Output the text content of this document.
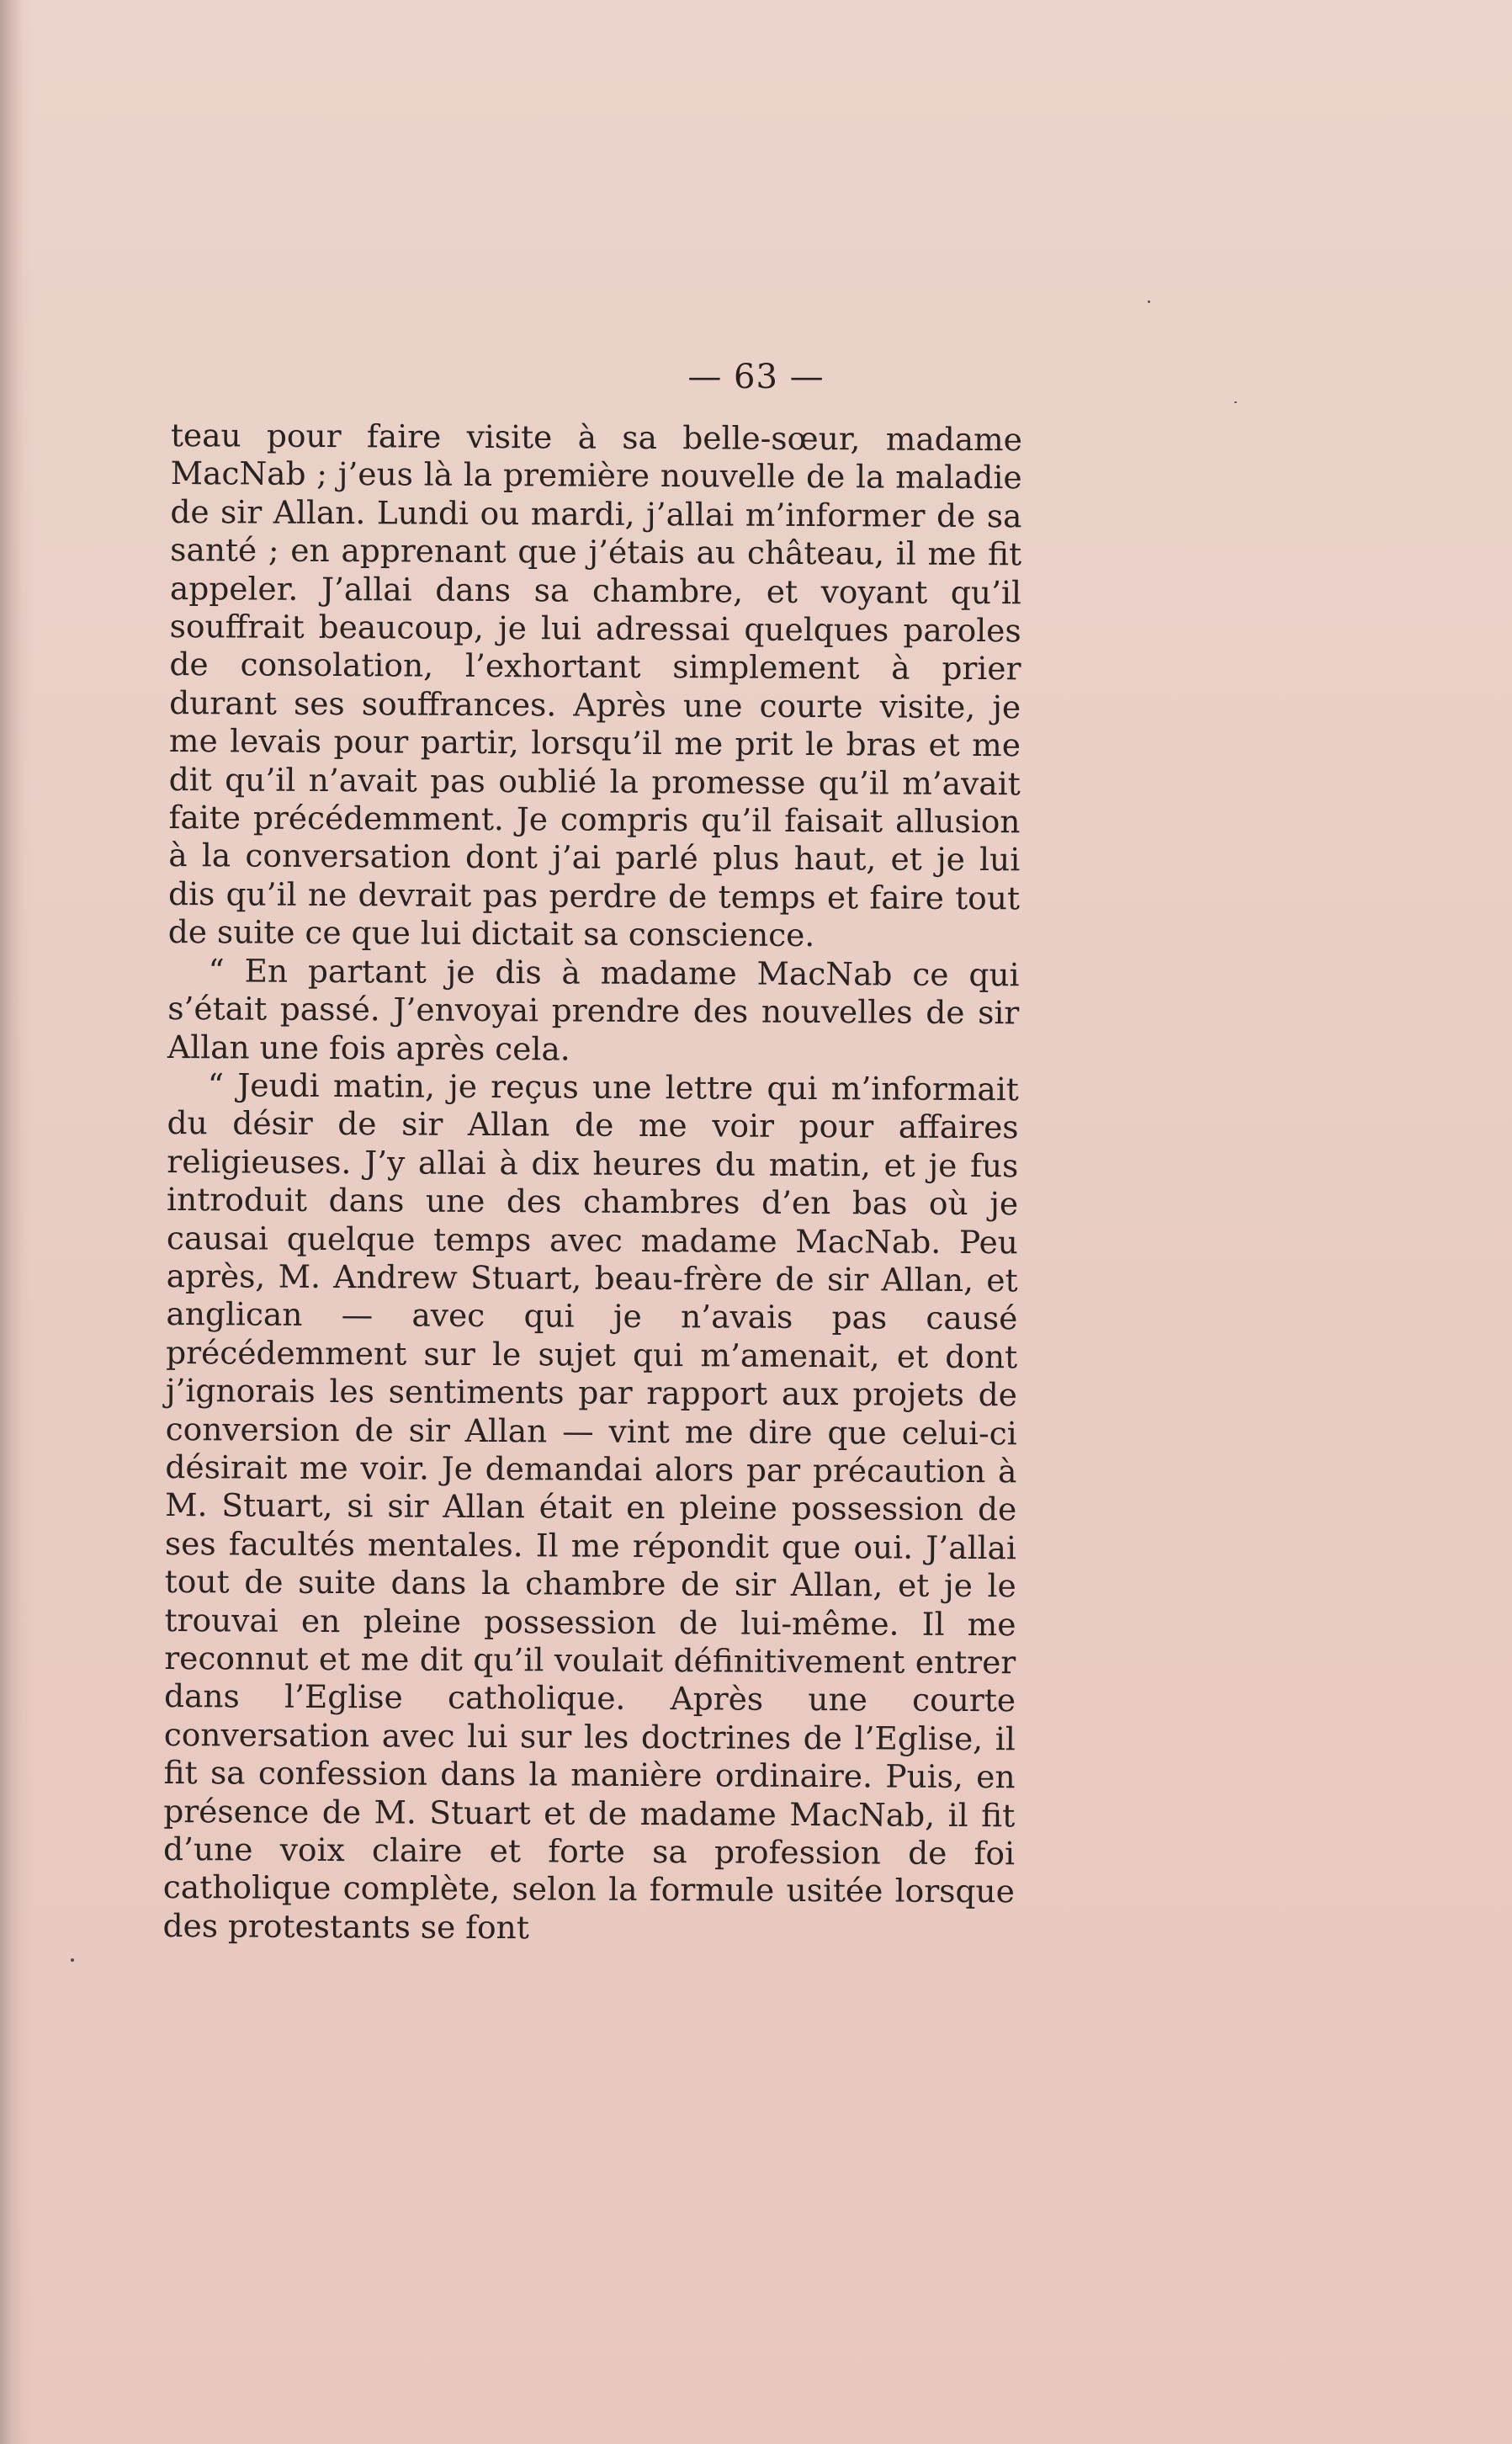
— 63 —

teau pour faire visite à sa belle-sœur, madame MacNab ; j’eus là la première nouvelle de la maladie de sir Allan. Lundi ou mardi, j’allai m’informer de sa santé ; en apprenant que j’étais au château, il me fit appeler. J’allai dans sa chambre, et voyant qu’il souffrait beaucoup, je lui adressai quelques paroles de consolation, l’exhortant simplement à prier durant ses souffrances. Après une courte visite, je me levais pour partir, lorsqu’il me prit le bras et me dit qu’il n’avait pas oublié la promesse qu’il m’avait faite précédemment. Je compris qu’il faisait allusion à la conversation dont j’ai parlé plus haut, et je lui dis qu’il ne devrait pas perdre de temps et faire tout de suite ce que lui dictait sa conscience.

“ En partant je dis à madame MacNab ce qui s’était passé. J’envoyai prendre des nouvelles de sir Allan une fois après cela.

“ Jeudi matin, je reçus une lettre qui m’informait du désir de sir Allan de me voir pour affaires religieuses. J’y allai à dix heures du matin, et je fus introduit dans une des chambres d’en bas où je causai quelque temps avec madame MacNab. Peu après, M. Andrew Stuart, beau-frère de sir Allan, et anglican — avec qui je n’avais pas causé précédemment sur le sujet qui m’amenait, et dont j’ignorais les sentiments par rapport aux projets de conversion de sir Allan — vint me dire que celui-ci désirait me voir. Je demandai alors par précaution à M. Stuart, si sir Allan était en pleine possession de ses facultés mentales. Il me répondit que oui. J’allai tout de suite dans la chambre de sir Allan, et je le trouvai en pleine possession de lui-même. Il me reconnut et me dit qu’il voulait définitivement entrer dans l’Eglise catholique. Après une courte conversation avec lui sur les doctrines de l’Eglise, il fit sa confession dans la manière ordinaire. Puis, en présence de M. Stuart et de madame MacNab, il fit d’une voix claire et forte sa profession de foi catholique complète, selon la formule usitée lorsque des protestants se font
